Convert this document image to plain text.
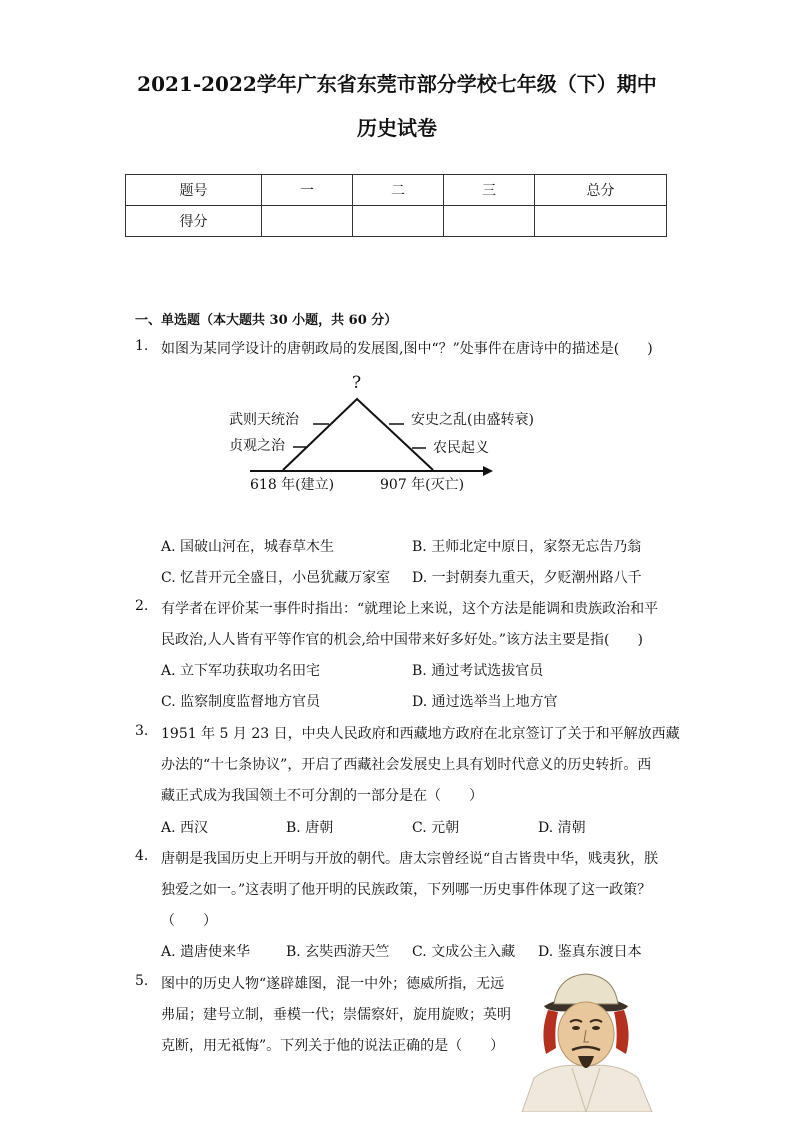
2021-2022学年广东省东莞市部分学校七年级（下）期中
历史试卷
题号	一	二	三	总分
得分				
一、单选题（本大题共 30 小题，共 60 分）
1. 如图为某同学设计的唐朝政局的发展图,图中“？”处事件在唐诗中的描述是(　　)
?
武则天统治
贞观之治
安史之乱(由盛转衰)
农民起义
618 年(建立)	907 年(灭亡)
A. 国破山河在，城春草木生	B. 王师北定中原日，家祭无忘告乃翁
C. 忆昔开元全盛日，小邑犹藏万家室 D. 一封朝奏九重天，夕贬潮州路八千
2. 有学者在评价某一事件时指出：“就理论上来说，这个方法是能调和贵族政治和平
民政治,人人皆有平等作官的机会,给中国带来好多好处。”该方法主要是指(　　)
A. 立下军功获取功名田宅	B. 通过考试选拔官员
C. 监察制度监督地方官员	D. 通过选举当上地方官
3. 1951 年 5 月 23 日，中央人民政府和西藏地方政府在北京签订了关于和平解放西藏
办法的“十七条协议”，开启了西藏社会发展史上具有划时代意义的历史转折。西
藏正式成为我国领土不可分割的一部分是在（　　）
A. 西汉	B. 唐朝	C. 元朝	D. 清朝
4. 唐朝是我国历史上开明与开放的朝代。唐太宗曾经说“自古皆贵中华，贱夷狄，朕
独爱之如一。”这表明了他开明的民族政策，下列哪一历史事件体现了这一政策？
（　　）
A. 遣唐使来华	B. 玄奘西游天竺 C. 文成公主入藏 D. 鉴真东渡日本
5. 图中的历史人物“遂辟雄图，混一中外；德威所指，无远
弗届；建号立制，垂模一代；崇儒察奸，旋用旋败；英明
克断，用无祗悔”。下列关于他的说法正确的是（　　）
